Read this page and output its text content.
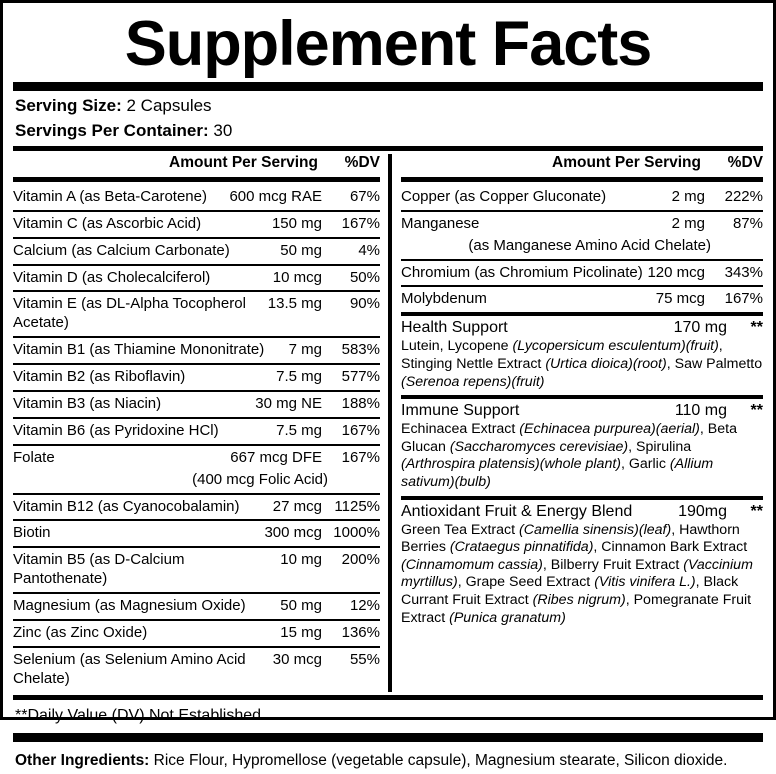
Supplement Facts
Serving Size: 2 Capsules
Servings Per Container: 30
Amount Per Serving	%DV
Vitamin A (as Beta-Carotene)	600 mcg RAE	67%
Vitamin C (as Ascorbic Acid)	150 mg	167%
Calcium (as Calcium Carbonate)	50 mg	4%
Vitamin D (as Cholecalciferol)	10 mcg	50%
Vitamin E (as DL-Alpha Tocopherol Acetate)
13.5 mg	90%
Vitamin B1 (as Thiamine Mononitrate)	7 mg	583%
Vitamin B2 (as Riboflavin)	7.5 mg	577%
Vitamin B3 (as Niacin)	30 mg NE	188%
Vitamin B6 (as Pyridoxine HCl)	7.5 mg	167%
Folate	667 mcg DFE	167%
(400 mcg Folic Acid)
Vitamin B12 (as Cyanocobalamin)	27 mcg 1125%
Biotin	300 mcg 1000%
Vitamin B5 (as D-Calcium Pantothenate)
10 mg	200%
Magnesium (as Magnesium Oxide)	50 mg	12%
Zinc (as Zinc Oxide)	15 mg	136%
Selenium (as Selenium Amino Acid Chelate)
30 mcg	55%
Amount Per Serving	%DV
Copper (as Copper Gluconate)	2 mg	222%
Manganese	2 mg	87%
(as Manganese Amino Acid Chelate)
Chromium (as Chromium Picolinate) 120 mcg	343%
Molybdenum	75 mcg	167%
Health Support	170 mg	**
Lutein, Lycopene (Lycopersicum esculentum)(fruit), Stinging Nettle Extract (Urtica dioica)(root), Saw Palmetto (Serenoa repens)(fruit)
Immune Support	110 mg	**
Echinacea Extract (Echinacea purpurea)(aerial), Beta Glucan (Saccharomyces cerevisiae), Spirulina (Arthrospira platensis)(whole plant), Garlic (Allium sativum)(bulb)
Antioxidant Fruit & Energy Blend	190mg	**
Green Tea Extract (Camellia sinensis)(leaf), Hawthorn Berries (Crataegus pinnatifida), Cinnamon Bark Extract (Cinnamomum cassia), Bilberry Fruit Extract (Vaccinium myrtillus), Grape Seed Extract (Vitis vinifera L.), Black Currant Fruit Extract (Ribes nigrum), Pomegranate Fruit Extract (Punica granatum)
**Daily Value (DV) Not Established
Other Ingredients: Rice Flour, Hypromellose (vegetable capsule), Magnesium stearate, Silicon dioxide.
